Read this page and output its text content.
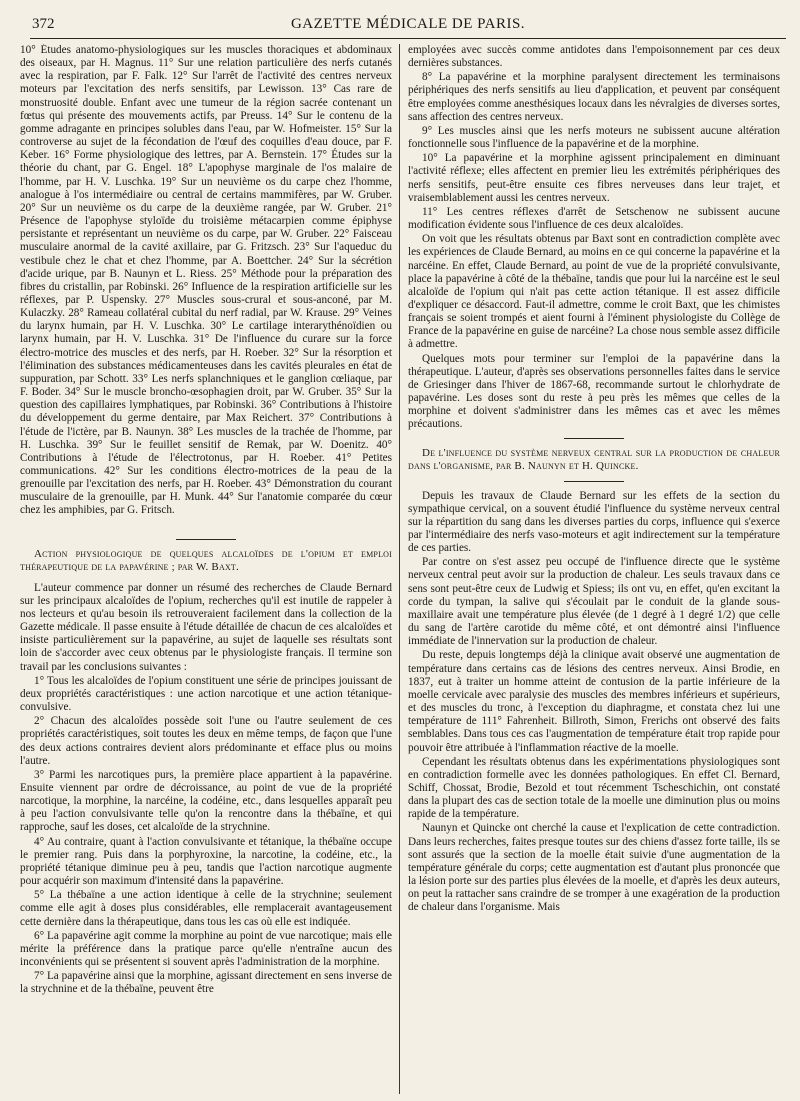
372	GAZETTE MÉDICALE DE PARIS.

10° Études anatomo-physiologiques sur les muscles thoraciques et abdominaux des oiseaux, par H. Magnus. 11° Sur une relation particulière des nerfs cutanés avec la respiration, par F. Falk. 12° Sur l'arrêt de l'activité des centres nerveux moteurs par l'excitation des nerfs sensitifs, par Lewisson. 13° Cas rare de monstruosité double. Enfant avec une tumeur de la région sacrée contenant un fœtus qui présente des mouvements actifs, par Preuss. 14° Sur le contenu de la gomme adragante en principes solubles dans l'eau, par W. Hofmeister. 15° Sur la controverse au sujet de la fécondation de l'œuf des coquilles d'eau douce, par F. Keber. 16° Forme physiologique des lettres, par A. Bernstein. 17° Études sur la théorie du chant, par G. Engel. 18° L'apophyse marginale de l'os malaire de l'homme, par H. V. Luschka. 19° Sur un neuvième os du carpe chez l'homme, analogue à l'os intermédiaire ou central de certains mammifères, par W. Gruber. 20° Sur un neuvième os du carpe de la deuxième rangée, par W. Gruber. 21° Présence de l'apophyse styloïde du troisième métacarpien comme épiphyse persistante et représentant un neuvième os du carpe, par W. Gruber. 22° Faisceau musculaire anormal de la cavité axillaire, par G. Fritzsch. 23° Sur l'aqueduc du vestibule chez le chat et chez l'homme, par A. Boettcher. 24° Sur la sécrétion d'acide urique, par B. Naunyn et L. Riess. 25° Méthode pour la préparation des fibres du cristallin, par Robinski. 26° Influence de la respiration artificielle sur les réflexes, par P. Uspensky. 27° Muscles sous-crural et sous-anconé, par M. Kulaczky. 28° Rameau collatéral cubital du nerf radial, par W. Krause. 29° Veines du larynx humain, par H. V. Luschka. 30° Le cartilage interarythénoïdien ou larynx humain, par H. V. Luschka. 31° De l'influence du curare sur la force électro-motrice des muscles et des nerfs, par H. Roeber. 32° Sur la résorption et l'élimination des substances médicamenteuses dans les cavités pleurales en état de suppuration, par Schott. 33° Les nerfs splanchniques et le ganglion cœliaque, par F. Boder. 34° Sur le muscle broncho-œsophagien droit, par W. Gruber. 35° Sur la question des capillaires lymphatiques, par Robinski. 36° Contributions à l'histoire du développement du germe dentaire, par Max Reichert. 37° Contributions à l'étude de l'ictère, par B. Naunyn. 38° Les muscles de la trachée de l'homme, par H. Luschka. 39° Sur le feuillet sensitif de Remak, par W. Doenitz. 40° Contributions à l'étude de l'électrotonus, par H. Roeber. 41° Petites communications. 42° Sur les conditions électro-motrices de la peau de la grenouille par l'excitation des nerfs, par H. Roeber. 43° Démonstration du courant musculaire de la grenouille, par H. Munk. 44° Sur l'anatomie comparée du cœur chez les amphibies, par G. Fritsch.

Action physiologique de quelques alcaloïdes de l'opium et emploi thérapeutique de la papavérine ; par W. Baxt.

L'auteur commence par donner un résumé des recherches de Claude Bernard sur les principaux alcaloïdes de l'opium, recherches qu'il est inutile de rappeler à nos lecteurs et qu'au besoin ils retrouveraient facilement dans la collection de la Gazette médicale. Il passe ensuite à l'étude détaillée de chacun de ces alcaloïdes et insiste particulièrement sur la papavérine, au sujet de laquelle ses résultats sont loin de s'accorder avec ceux obtenus par le physiologiste français. Il termine son travail par les conclusions suivantes :

1° Tous les alcaloïdes de l'opium constituent une série de principes jouissant de deux propriétés caractéristiques : une action narcotique et une action tétanique-convulsive.

2° Chacun des alcaloïdes possède soit l'une ou l'autre seulement de ces propriétés caractéristiques, soit toutes les deux en même temps, de façon que l'une des deux actions contraires devient alors prédominante et efface plus ou moins l'autre.

3° Parmi les narcotiques purs, la première place appartient à la papavérine. Ensuite viennent par ordre de décroissance, au point de vue de la propriété narcotique, la morphine, la narcéine, la codéine, etc., dans lesquelles apparaît peu à peu l'action convulsivante telle qu'on la rencontre dans la thébaïne, et qui rapproche, sauf les doses, cet alcaloïde de la strychnine.

4° Au contraire, quant à l'action convulsivante et tétanique, la thébaïne occupe le premier rang. Puis dans la porphyroxine, la narcotine, la codéine, etc., la propriété tétanique diminue peu à peu, tandis que l'action narcotique augmente pour acquérir son maximum d'intensité dans la papavérine.

5° La thébaïne a une action identique à celle de la strychnine; seulement comme elle agit à doses plus considérables, elle remplacerait avantageusement cette dernière dans la thérapeutique, dans tous les cas où elle est indiquée.

6° La papavérine agit comme la morphine au point de vue narcotique; mais elle mérite la préférence dans la pratique parce qu'elle n'entraîne aucun des inconvénients qui se présentent si souvent après l'administration de la morphine.

7° La papavérine ainsi que la morphine, agissant directement en sens inverse de la strychnine et de la thébaïne, peuvent être

employées avec succès comme antidotes dans l'empoisonnement par ces deux dernières substances.

8° La papavérine et la morphine paralysent directement les terminaisons périphériques des nerfs sensitifs au lieu d'application, et peuvent par conséquent être employées comme anesthésiques locaux dans les névralgies de diverses sortes, sans affection des centres nerveux.

9° Les muscles ainsi que les nerfs moteurs ne subissent aucune altération fonctionnelle sous l'influence de la papavérine et de la morphine.

10° La papavérine et la morphine agissent principalement en diminuant l'activité réflexe; elles affectent en premier lieu les extrémités périphériques des nerfs sensitifs, peut-être ensuite ces fibres nerveuses dans leur trajet, et vraisemblablement aussi les centres nerveux.

11° Les centres réflexes d'arrêt de Setschenow ne subissent aucune modification évidente sous l'influence de ces deux alcaloïdes.

On voit que les résultats obtenus par Baxt sont en contradiction complète avec les expériences de Claude Bernard, au moins en ce qui concerne la papavérine et la narcéine. En effet, Claude Bernard, au point de vue de la propriété convulsivante, place la papavérine à côté de la thébaïne, tandis que pour lui la narcéine est le seul alcaloïde de l'opium qui n'ait pas cette action tétanique. Il est assez difficile d'expliquer ce désaccord. Faut-il admettre, comme le croit Baxt, que les chimistes français se soient trompés et aient fourni à l'éminent physiologiste du Collège de France de la papavérine en guise de narcéine? La chose nous semble assez difficile à admettre.

Quelques mots pour terminer sur l'emploi de la papavérine dans la thérapeutique. L'auteur, d'après ses observations personnelles faites dans le service de Griesinger dans l'hiver de 1867-68, recommande surtout le chlorhydrate de papavérine. Les doses sont du reste à peu près les mêmes que celles de la morphine et doivent s'administrer dans les mêmes cas et avec les mêmes précautions.

De l'influence du système nerveux central sur la production de chaleur dans l'organisme, par B. Naunyn et H. Quincke.

Depuis les travaux de Claude Bernard sur les effets de la section du sympathique cervical, on a souvent étudié l'influence du système nerveux central sur la répartition du sang dans les diverses parties du corps, influence qui s'exerce par l'intermédiaire des nerfs vaso-moteurs et agit indirectement sur la température de ces parties.

Par contre on s'est assez peu occupé de l'influence directe que le système nerveux central peut avoir sur la production de chaleur. Les seuls travaux dans ce sens sont peut-être ceux de Ludwig et Spiess; ils ont vu, en effet, qu'en excitant la corde du tympan, la salive qui s'écoulait par le conduit de la glande sous-maxillaire avait une température plus élevée (de 1 degré à 1 degré 1/2) que celle du sang de l'artère carotide du même côté, et ont démontré ainsi l'influence immédiate de l'innervation sur la production de chaleur.

Du reste, depuis longtemps déjà la clinique avait observé une augmentation de température dans certains cas de lésions des centres nerveux. Ainsi Brodie, en 1837, eut à traiter un homme atteint de contusion de la partie inférieure de la moelle cervicale avec paralysie des muscles des membres inférieurs et supérieurs, et des muscles du tronc, à l'exception du diaphragme, et constata chez lui une température de 111° Fahrenheit. Billroth, Simon, Frerichs ont observé des faits semblables. Dans tous ces cas l'augmentation de température était trop rapide pour pouvoir être attribuée à l'inflammation réactive de la moelle.

Cependant les résultats obtenus dans les expérimentations physiologiques sont en contradiction formelle avec les données pathologiques. En effet Cl. Bernard, Schiff, Chossat, Brodie, Bezold et tout récemment Tscheschichin, ont constaté dans la plupart des cas de section totale de la moelle une diminution plus ou moins rapide de la température.

Naunyn et Quincke ont cherché la cause et l'explication de cette contradiction. Dans leurs recherches, faites presque toutes sur des chiens d'assez forte taille, ils se sont assurés que la section de la moelle était suivie d'une augmentation de la température générale du corps; cette augmentation est d'autant plus prononcée que la lésion porte sur des parties plus élevées de la moelle, et d'après les deux auteurs, on peut la rattacher sans craindre de se tromper à une exagération de la production de chaleur dans l'organisme. Mais
